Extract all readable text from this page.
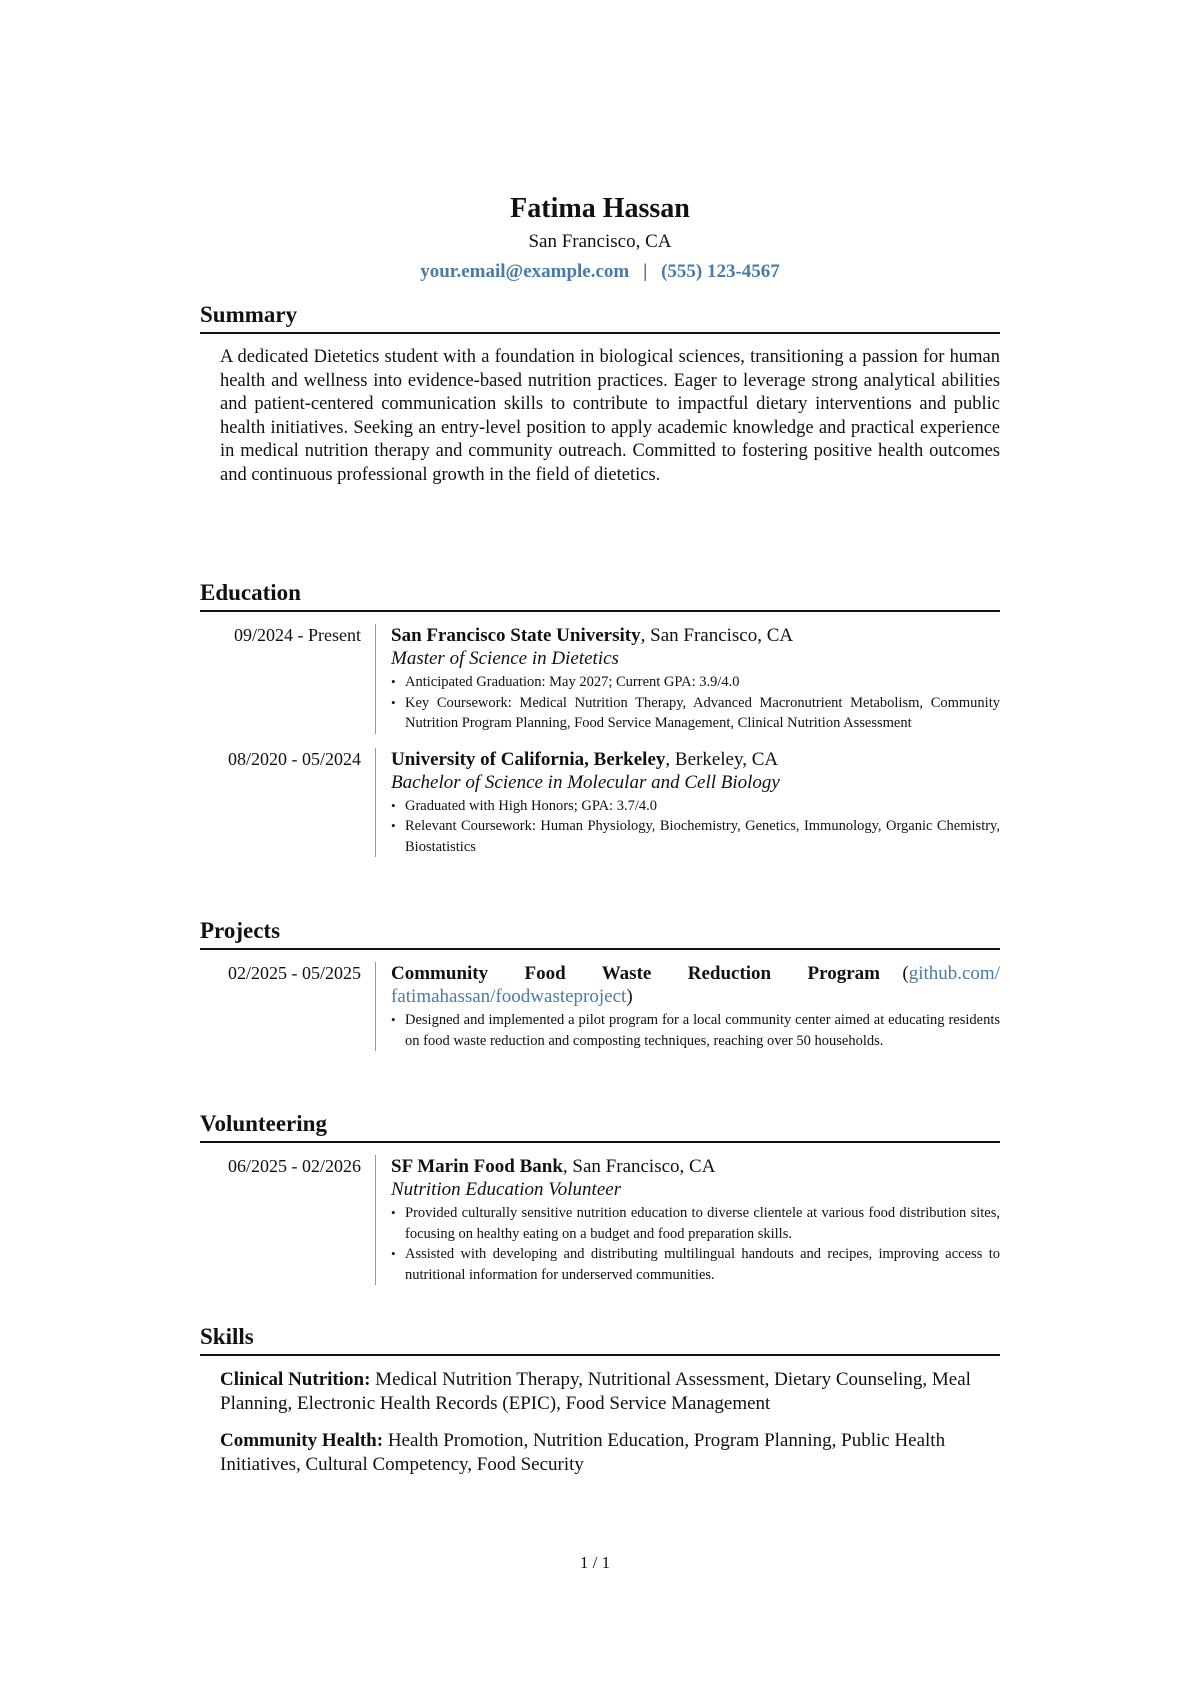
Fatima Hassan
San Francisco, CA
your.email@example.com | (555) 123-4567
Summary
A dedicated Dietetics student with a foundation in biological sciences, transitioning a passion for human health and wellness into evidence-based nutrition practices. Eager to leverage strong analytical abilities and patient-centered communication skills to contribute to impactful dietary interventions and public health initiatives. Seeking an entry-level position to apply academic knowledge and practical experience in medical nutrition therapy and community outreach. Committed to fostering positive health outcomes and continuous professional growth in the field of dietetics.
Education
09/2024 - Present	San Francisco State University, San Francisco, CA
Master of Science in Dietetics
• Anticipated Graduation: May 2027; Current GPA: 3.9/4.0
• Key Coursework: Medical Nutrition Therapy, Advanced Macronutrient Metabolism, Community Nutrition Program Planning, Food Service Management, Clinical Nutrition Assessment
08/2020 - 05/2024	University of California, Berkeley, Berkeley, CA
Bachelor of Science in Molecular and Cell Biology
• Graduated with High Honors; GPA: 3.7/4.0
• Relevant Coursework: Human Physiology, Biochemistry, Genetics, Immunology, Organic Chemistry, Biostatistics
Projects
02/2025 - 05/2025	Community Food Waste Reduction Program (github.com/ fatimahassan/foodwasteproject)
• Designed and implemented a pilot program for a local community center aimed at educating residents on food waste reduction and composting techniques, reaching over 50 households.
Volunteering
06/2025 - 02/2026	SF Marin Food Bank, San Francisco, CA
Nutrition Education Volunteer
• Provided culturally sensitive nutrition education to diverse clientele at various food distribution sites, focusing on healthy eating on a budget and food preparation skills.
• Assisted with developing and distributing multilingual handouts and recipes, improving access to nutritional information for underserved communities.
Skills
Clinical Nutrition: Medical Nutrition Therapy, Nutritional Assessment, Dietary Counseling, Meal Planning, Electronic Health Records (EPIC), Food Service Management
Community Health: Health Promotion, Nutrition Education, Program Planning, Public Health Initiatives, Cultural Competency, Food Security
1 / 1
